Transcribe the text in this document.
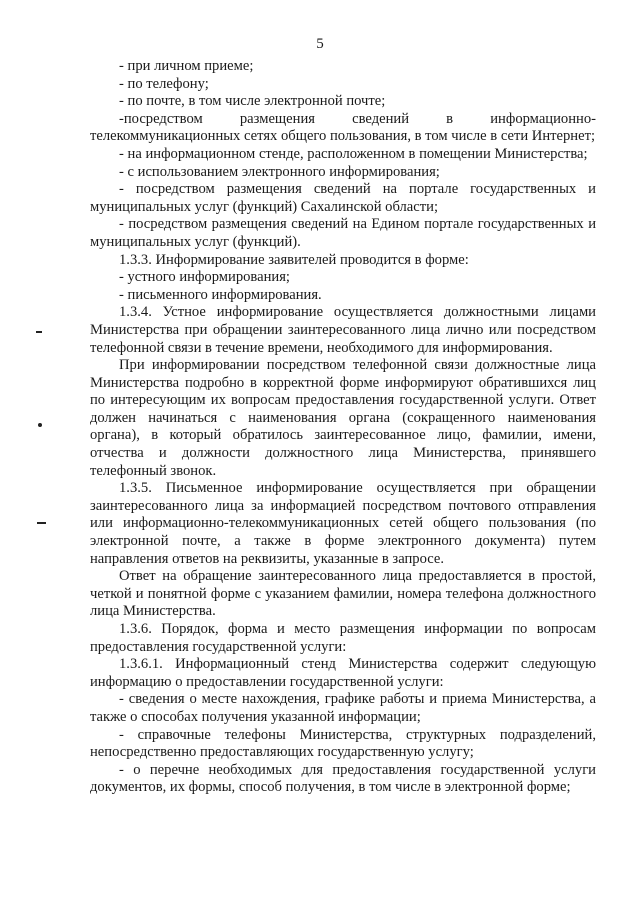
5

- при личном приеме;

- по телефону;

- по почте, в том числе электронной почте;

-посредством размещения сведений в информационно-телекоммуникационных сетях общего пользования, в том числе в сети Интернет;

- на информационном стенде, расположенном в помещении Министерства;

- с использованием электронного информирования;

- посредством размещения сведений на портале государственных и муниципальных услуг (функций) Сахалинской области;

- посредством размещения сведений на Едином портале государственных и муниципальных услуг (функций).

1.3.3. Информирование заявителей проводится в форме:

- устного информирования;

- письменного информирования.

1.3.4. Устное информирование осуществляется должностными лицами Министерства при обращении заинтересованного лица лично или посредством телефонной связи в течение времени, необходимого для информирования.

При информировании посредством телефонной связи должностные лица Министерства подробно в корректной форме информируют обратившихся лиц по интересующим их вопросам предоставления государственной услуги. Ответ должен начинаться с наименования органа (сокращенного наименования органа), в который обратилось заинтересованное лицо, фамилии, имени, отчества и должности должностного лица Министерства, принявшего телефонный звонок.

1.3.5. Письменное информирование осуществляется при обращении заинтересованного лица за информацией посредством почтового отправления или информационно-телекоммуникационных сетей общего пользования (по электронной почте, а также в форме электронного документа) путем направления ответов на реквизиты, указанные в запросе.

Ответ на обращение заинтересованного лица предоставляется в простой, четкой и понятной форме с указанием фамилии, номера телефона должностного лица Министерства.

1.3.6. Порядок, форма и место размещения информации по вопросам предоставления государственной услуги:

1.3.6.1. Информационный стенд Министерства содержит следующую информацию о предоставлении государственной услуги:

- сведения о месте нахождения, графике работы и приема Министерства, а также о способах получения указанной информации;

- справочные телефоны Министерства, структурных подразделений, непосредственно предоставляющих государственную услугу;

- о перечне необходимых для предоставления государственной услуги документов, их формы, способ получения, в том числе в электронной форме;
